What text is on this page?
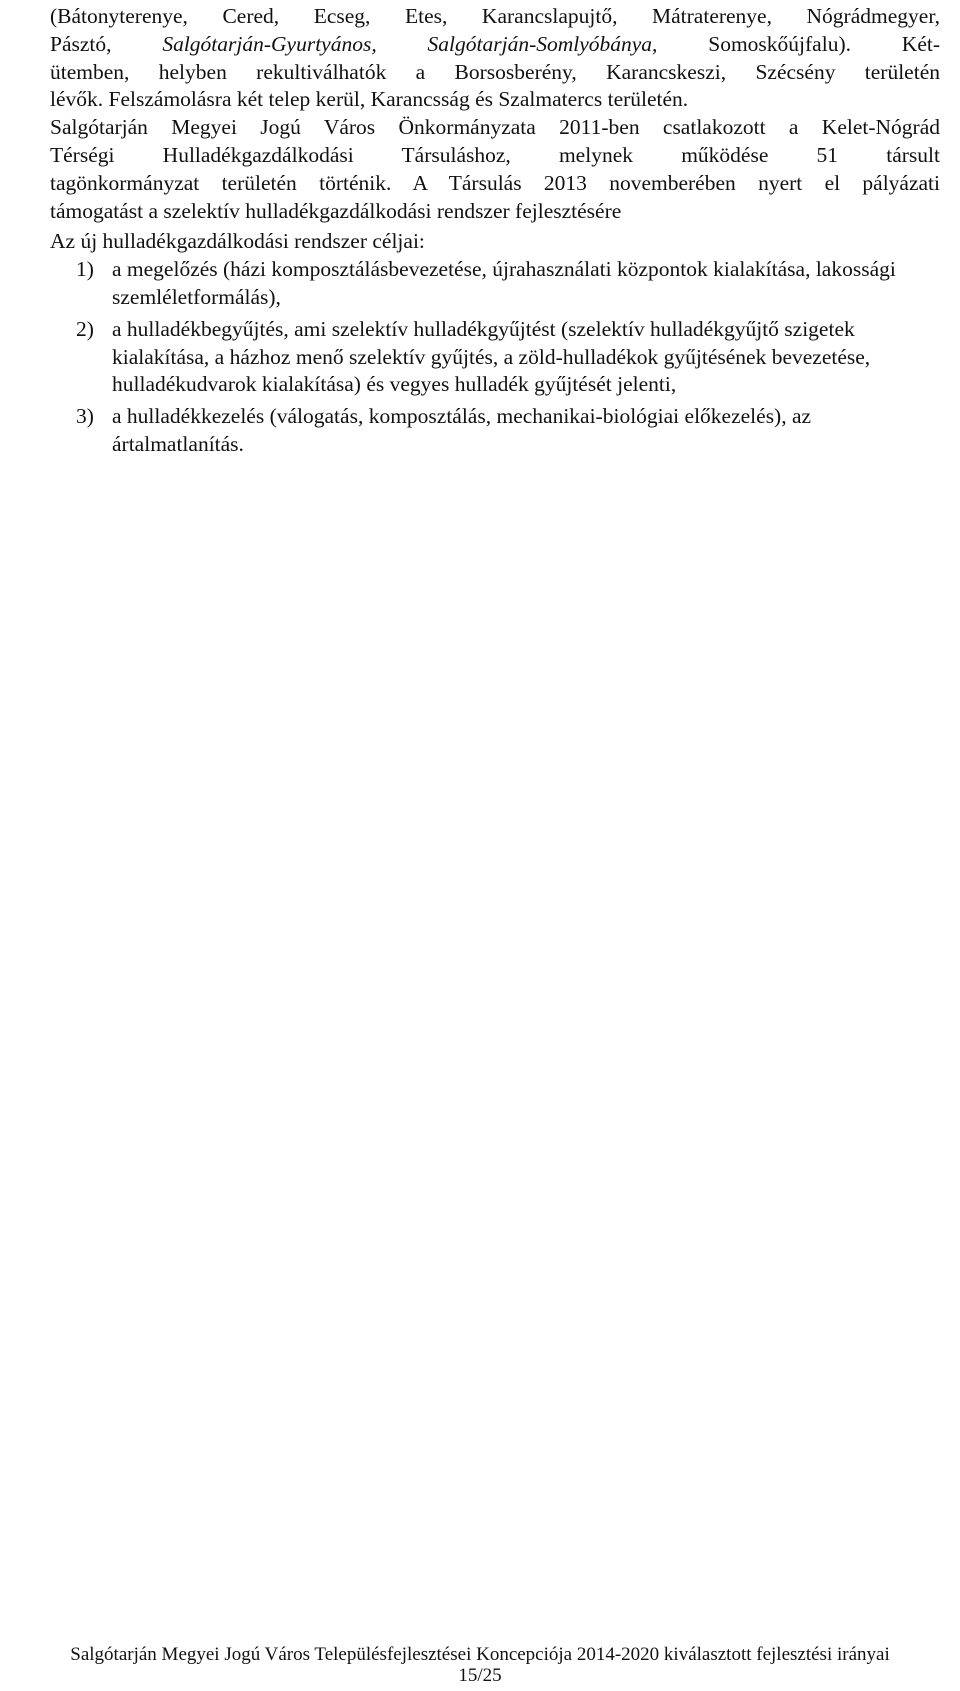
(Bátonyterenye, Cered, Ecseg, Etes, Karancslapujtő, Mátraterenye, Nógrádmegyer,
Pásztó, Salgótarján-Gyurtyános, Salgótarján-Somlyóbánya, Somoskőújfalu). Két-
ütemben, helyben rekultiválhatók a Borsosberény, Karancskeszi, Szécsény területén
lévők. Felszámolásra két telep kerül, Karancsság és Szalmatercs területén.

Salgótarján Megyei Jogú Város Önkormányzata 2011-ben csatlakozott a Kelet-Nógrád
Térségi Hulladékgazdálkodási Társuláshoz, melynek működése 51 társult
tagönkormányzat területén történik. A Társulás 2013 novemberében nyert el pályázati
támogatást a szelektív hulladékgazdálkodási rendszer fejlesztésére

Az új hulladékgazdálkodási rendszer céljai:

1) a megelőzés (házi komposztálásbevezetése, újrahasználati központok kialakítása, lakossági szemléletformálás),
2) a hulladékbegyűjtés, ami szelektív hulladékgyűjtést (szelektív hulladékgyűjtő szigetek kialakítása, a házhoz menő szelektív gyűjtés, a zöld-hulladékok gyűjtésének bevezetése, hulladékudvarok kialakítása) és vegyes hulladék gyűjtését jelenti,
3) a hulladékkezelés (válogatás, komposztálás, mechanikai-biológiai előkezelés), az ártalmatlanítás.
Salgótarján Megyei Jogú Város Településfejlesztései Koncepciója 2014-2020 kiválasztott fejlesztési irányai
15/25
